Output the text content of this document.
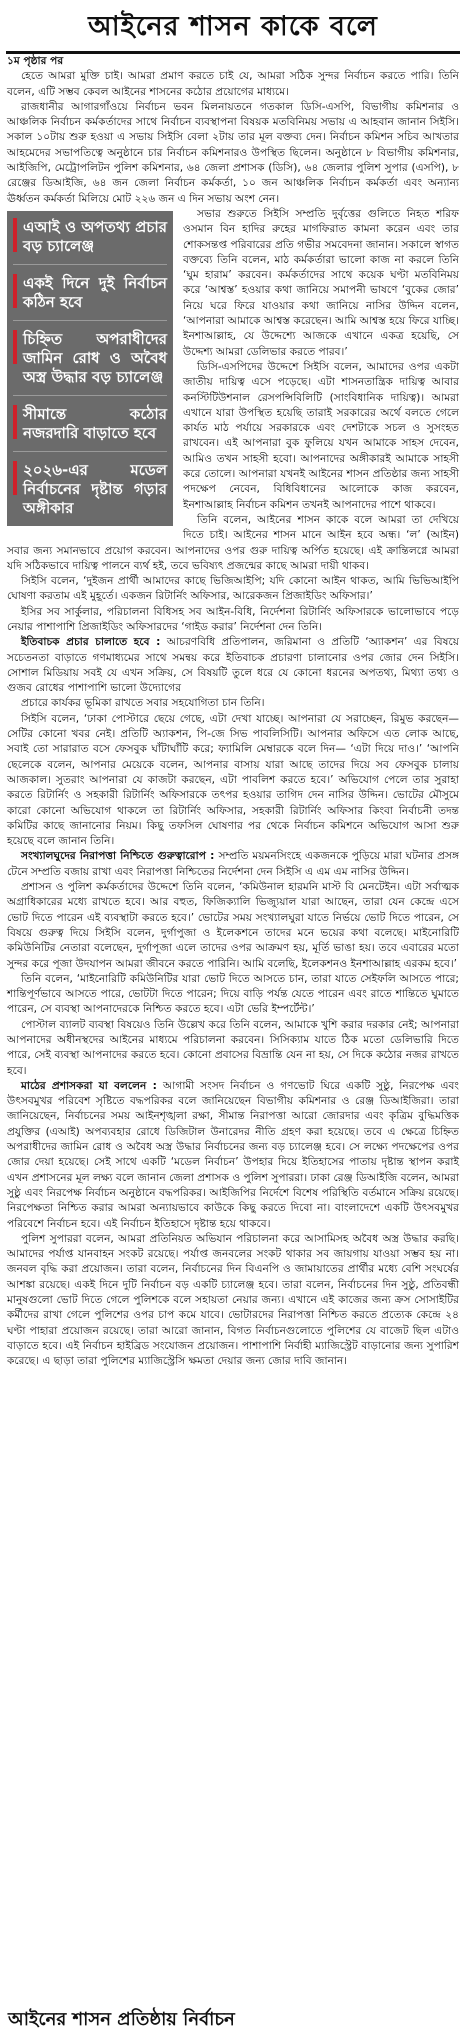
আইনের শাসন কাকে বলে

১ম পৃষ্ঠার পর

হেতে আমরা মুক্তি চাই। আমরা প্রমাণ করতে চাই যে, আমরা সঠিক সুন্দর নির্বাচন করতে পারি। তিনি বলেন, এটি সম্ভব কেবল আইনের শাসনের কঠোর প্রয়োগের মাধ্যমে।

রাজধানীর আগারগাঁওয়ে নির্বাচন ভবন মিলনায়তনে গতকাল ডিসি-এসপি, বিভাগীয় কমিশনার ও আঞ্চলিক নির্বাচন কর্মকর্তাদের সাথে নির্বাচন ব্যবস্থাপনা বিষয়ক মতবিনিময় সভায় এ আহবান জানান সিইসি। সকাল ১০টায় শুরু হওয়া এ সভায় সিইসি বেলা ২টায় তার মূল বক্তব্য দেন। নির্বাচন কমিশন সচিব আখতার আহমেদের সভাপতিত্বে অনুষ্ঠানে চার নির্বাচন কমিশনারও উপস্থিত ছিলেন। অনুষ্ঠানে ৮ বিভাগীয় কমিশনার, আইজিপি, মেট্রোপলিটন পুলিশ কমিশনার, ৬৪ জেলা প্রশাসক (ডিসি), ৬৪ জেলার পুলিশ সুপার (এসপি), ৮ রেঞ্জের ডিআইজি, ৬৪ জন জেলা নির্বাচন কর্মকর্তা, ১০ জন আঞ্চলিক নির্বাচন কর্মকর্তা এবং অন্যান্য ঊর্ধ্বতন কর্মকর্তা মিলিয়ে মোট ২২৬ জন এ দিন সভায় অংশ নেন।

এআই ও অপতথ্য প্রচার বড় চ্যালেঞ্জ
একই দিনে দুই নির্বাচন কঠিন হবে
চিহ্নিত অপরাধীদের জামিন রোধ ও অবৈধ অস্ত্র উদ্ধার বড় চ্যালেঞ্জ
সীমান্তে কঠোর নজরদারি বাড়াতে হবে
২০২৬-এর মডেল নির্বাচনের দৃষ্টান্ত গড়ার অঙ্গীকার

সভার শুরুতে সিইসি সম্প্রতি দুর্বৃত্তের গুলিতে নিহত শরিফ ওসমান বিন হাদির রুহের মাগফিরাত কামনা করেন এবং তার শোকসন্তপ্ত পরিবারের প্রতি গভীর সমবেদনা জানান। সকালে স্বাগত বক্তব্যে তিনি বলেন, মাঠ কর্মকর্তারা ভালো কাজ না করলে তিনি ‘ঘুম হারাম’ করবেন। কর্মকর্তাদের সাথে কয়েক ঘণ্টা মতবিনিময় করে ‘আশ্বস্ত’ হওয়ার কথা জানিয়ে সমাপনী ভাষণে ‘বুকের জোর’ নিয়ে ঘরে ফিরে যাওয়ার কথা জানিয়ে নাসির উদ্দিন বলেন, ‘আপনারা আমাকে আশ্বস্ত করেছেন। আমি আশ্বস্ত হয়ে ফিরে যাচ্ছি। ইনশাআল্লাহ, যে উদ্দেশ্যে আজকে এখানে একত্র হয়েছি, সে উদ্দেশ্য আমরা ডেলিভার করতে পারব।’

ডিসি-এসপিদের উদ্দেশে সিইসি বলেন, আমাদের ওপর একটা জাতীয় দায়িত্ব এসে পড়েছে। এটা শাসনতান্ত্রিক দায়িত্ব আবার কনস্টিটিউশনাল রেসপন্সিবিলিটি (সাংবিধানিক দায়িত্ব)। আমরা এখানে যারা উপস্থিত হয়েছি তারাই সরকারের অর্থে বলতে গেলে কার্যত মাঠ পর্যায়ে সরকারকে এবং দেশটাকে সচল ও সুসংহত রাখবেন। এই আপনারা বুক ফুলিয়ে যখন আমাকে সাহস দেবেন, আমিও তখন সাহসী হবো। আপনাদের অঙ্গীকারই আমাকে সাহসী করে তোলে। আপনারা যখনই আইনের শাসন প্রতিষ্ঠার জন্য সাহসী পদক্ষেপ নেবেন, বিধিবিধানের আলোকে কাজ করবেন, ইনশাআল্লাহ নির্বাচন কমিশন তখনই আপনাদের পাশে থাকবে।

তিনি বলেন, আইনের শাসন কাকে বলে আমরা তা দেখিয়ে দিতে চাই। আইনের শাসন মানে আইন হবে অন্ধ। ‘ল’ (আইন) সবার জন্য সমানভাবে প্রয়োগ করবেন। আপনাদের ওপর গুরু দায়িত্ব অর্পিত হয়েছে। এই ক্রান্তিলগ্নে আমরা যদি সঠিকভাবে দায়িত্ব পালনে ব্যর্থ হই, তবে ভবিষ্যৎ প্রজন্মের কাছে আমরা দায়ী থাকব।

সিইসি বলেন, ‘দুইজন প্রার্থী আমাদের কাছে ভিজিআইপি; যদি কোনো আইন থাকত, আমি ভিভিআইপি ঘোষণা করতাম এই মুহূর্তে। একজন রিটার্নিং অফিসার, আরেকজন প্রিজাইডিং অফিসার।’

ইসির সব সার্কুলার, পরিচালনা বিধিসহ সব আইন-বিধি, নির্দেশনা রিটার্নিং অফিসারকে ভালোভাবে পড়ে নেয়ার পাশাপাশি প্রিজাইডিং অফিসারদের ‘গাইড করার’ নির্দেশনা দেন তিনি।

ইতিবাচক প্রচার চালাতে হবে : আচরণবিধি প্রতিপালন, জরিমানা ও প্রতিটি ‘অ্যাকশন’ এর বিষয়ে সচেতনতা বাড়াতে গণমাধ্যমের সাথে সমন্বয় করে ইতিবাচক প্রচারণা চালানোর ওপর জোর দেন সিইসি। সোশাল মিডিয়ায় সবই যে এখন সক্রিয়, সে বিষয়টি তুলে ধরে যে কোনো ধরনের অপতথ্য, মিথ্যা তথ্য ও গুজব রোধের পাশাপাশি ভালো উদ্যোগের

প্রচারে কার্যকর ভূমিকা রাখতে সবার সহযোগিতা চান তিনি।

সিইসি বলেন, ‘ঢাকা পোস্টারে ছেয়ে গেছে, এটা দেখা যাচ্ছে। আপনারা যে সরাচ্ছেন, রিমুভ করছেন— সেটির কোনো খবর নেই। প্রতিটি অ্যাকশন, পি-জে সিভ পাবলিসিটি। আপনার অফিসে এত লোক আছে, সবাই তো সারারাত বসে ফেসবুক ঘাঁটাঘাঁটি করে; ফ্যামিলি মেম্বারকে বলে দিন— ‘এটা দিয়ে দাও।’ ‘আপনি ছেলেকে বলেন, আপনার মেয়েকে বলেন, আপনার বাসায় যারা আছে তাদের দিয়ে সব ফেসবুক চালায় আজকাল। সুতরাং আপনারা যে কাজটা করছেন, এটা পাবলিশ করতে হবে।’ অভিযোগ পেলে তার সুরাহা করতে রিটার্নিং ও সহকারী রিটার্নিং অফিসারকে তৎপর হওয়ার তাগিদ দেন নাসির উদ্দিন। ভোটের মৌসুমে কারো কোনো অভিযোগ থাকলে তা রিটার্নিং অফিসার, সহকারী রিটার্নিং অফিসার কিংবা নির্বাচনী তদন্ত কমিটির কাছে জানানোর নিয়ম। কিছু তফসিল ঘোষণার পর থেকে নির্বাচন কমিশনে অভিযোগ আসা শুরু হয়েছে বলে জানান তিনি।

সংখ্যালঘুদের নিরাপত্তা নিশ্চিতে গুরুত্বারোপ : সম্প্রতি ময়মনসিংহে একজনকে পুড়িয়ে মারা ঘটনার প্রসঙ্গ টেনে সম্প্রতি বজায় রাখা এবং নিরাপত্তা নিশ্চিতের নির্দেশনা দেন সিইসি এ এম এম নাসির উদ্দিন।

প্রশাসন ও পুলিশ কর্মকর্তাদের উদ্দেশে তিনি বলেন, ‘কমিউনাল হারমনি মাস্ট বি মেনটেইন। এটা সর্বাত্মক অগ্রাধিকারের মধ্যে রাখতে হবে। আর বহুত, ফিজিক্যালি ভিজ্যুয়াল যারা আছেন, তারা যেন কেন্দ্রে এসে ভোট দিতে পারেন এই ব্যবস্থাটা করতে হবে।’ ভোটের সময় সংখ্যালঘুরা যাতে নির্ভয়ে ভোট দিতে পারেন, সে বিষয়ে গুরুত্ব দিয়ে সিইসি বলেন, দুর্গাপুজা ও ইলেকশনে তাদের মনে ভয়ের কথা বলেছে। মাইনোরিটি কমিউনিটির নেতারা বলেছেন, দুর্গাপূজা এলে তাদের ওপর আক্রমণ হয়, মূর্তি ভাঙা হয়। তবে এবারের মতো সুন্দর করে পূজা উদযাপন আমরা জীবনে করতে পারিনি। আমি বলেছি, ইলেকশনও ইনশাআল্লাহ এরকম হবে।’

তিনি বলেন, ‘মাইনোরিটি কমিউনিটির যারা ভোট দিতে আসতে চান, তারা যাতে সেইফলি আসতে পারে; শান্তিপূর্ণভাবে আসতে পারে, ভোটটা দিতে পারেন; দিয়ে বাড়ি পর্যন্ত যেতে পারেন এবং রাতে শান্তিতে ঘুমাতে পারেন, সে ব্যবস্থা আপনাদেরকে নিশ্চিত করতে হবে। এটা ভেরি ইম্পর্টেন্ট।’

পোস্টাল ব্যালট ব্যবস্থা বিষয়েও তিনি উল্লেখ করে তিনি বলেন, আমাকে খুশি করার দরকার নেই; আপনারা আপনাদের অধীনস্থদের আইনের মাধ্যমে পরিচালনা করবেন। সিসিক্যাম যাতে ঠিক মতো ডেলিভারি দিতে পারে, সেই ব্যবস্থা আপনাদের করতে হবে। কোনো প্রবাসের বিভ্রান্তি যেন না হয়, সে দিকে কঠোর নজর রাখতে হবে।

মাঠের প্রশাসকরা যা বললেন : আগামী সংসদ নির্বাচন ও গণভোট ঘিরে একটি সুষ্ঠু, নিরপেক্ষ এবং উৎসবমুখর পরিবেশ সৃষ্টিতে বদ্ধপরিকর বলে জানিয়েছেন বিভাগীয় কমিশনার ও রেঞ্জ ডিআইজিরা। তারা জানিয়েছেন, নির্বাচনের সময় আইনশৃঙ্খলা রক্ষা, সীমান্ত নিরাপত্তা আরো জোরদার এবং কৃত্রিম বুদ্ধিমত্তিক প্রযুক্তির (এআই) অপব্যবহার রোধে ডিজিটাল উনারেদর নীতি গ্রহণ করা হয়েছে। তবে এ ক্ষেত্রে চিহ্নিত অপরাধীদের জামিন রোধ ও অবৈধ অস্ত্র উদ্ধার নির্বাচনের জন্য বড় চ্যালেঞ্জ হবে। সে লক্ষ্যে পদক্ষেপের ওপর জোর দেয়া হয়েছে। সেই সাথে একটি ‘মডেল নির্বাচন’ উপহার দিয়ে ইতিহাসের পাতায় দৃষ্টান্ত স্থাপন করাই এখন প্রশাসনের মূল লক্ষ্য বলে জানান জেলা প্রশাসক ও পুলিশ সুপাররা। ঢাকা রেঞ্জ ডিআইজি বলেন, আমরা সুষ্ঠু এবং নিরপেক্ষ নির্বাচন অনুষ্ঠানে বদ্ধপরিকর। আইজিপির নির্দেশে বিশেষ পরিস্থিতি বর্তমানে সক্রিয় রয়েছে। নিরপেক্ষতা নিশ্চিত করার আমরা অন্যায়ভাবে কাউকে কিছু করতে দিবো না। বাংলাদেশে একটি উৎসবমুখর পরিবেশে নির্বাচন হবে। এই নির্বাচন ইতিহাসে দৃষ্টান্ত হয়ে থাকবে।

পুলিশ সুপাররা বলেন, আমরা প্রতিনিয়ত অভিযান পরিচালনা করে আসামিসহ অবৈধ অস্ত্র উদ্ধার করছি। আমাদের পর্যাপ্ত যানবাহন সংকট রয়েছে। পর্যাপ্ত জনবলের সংকট থাকার সব জায়গায় যাওয়া সম্ভব হয় না। জনবল বৃদ্ধি করা প্রয়োজন। তারা বলেন, নির্বাচনের দিন বিএনপি ও জামায়াতের প্রার্থীর মধ্যে বেশি সংঘর্ষের আশঙ্কা রয়েছে। একই দিনে দুটি নির্বাচন বড় একটি চ্যালেঞ্জ হবে। তারা বলেন, নির্বাচনের দিন সুষ্ঠু, প্রতিবন্ধী মানুষগুলো ভোট দিতে গেলে পুলিশকে বলে সহায়তা নেয়ার জন্য। এখানে এই কাজের জন্য ক্রস সোসাইটির কর্মীদের রাখা গেলে পুলিশের ওপর চাপ কমে যাবে। ভোটারদের নিরাপত্তা নিশ্চিত করতে প্রত্যেক কেন্দ্রে ২৪ ঘণ্টা পাহারা প্রয়োজন রয়েছে। তারা আরো জানান, বিগত নির্বাচনগুলোতে পুলিশের যে বাজেট ছিল এটাও বাড়াতে হবে। এই নির্বাচন হাইব্রিড সংযোজন প্রয়োজন। পাশাপাশি নির্বাহী ম্যাজিস্ট্রেট বাড়ানোর জন্য সুপারিশ করেছে। এ ছাড়া তারা পুলিশের ম্যাজিস্ট্রেসি ক্ষমতা দেয়ার জন্য জোর দাবি জানান।

আইনের শাসন প্রতিষ্ঠায় নির্বাচন
